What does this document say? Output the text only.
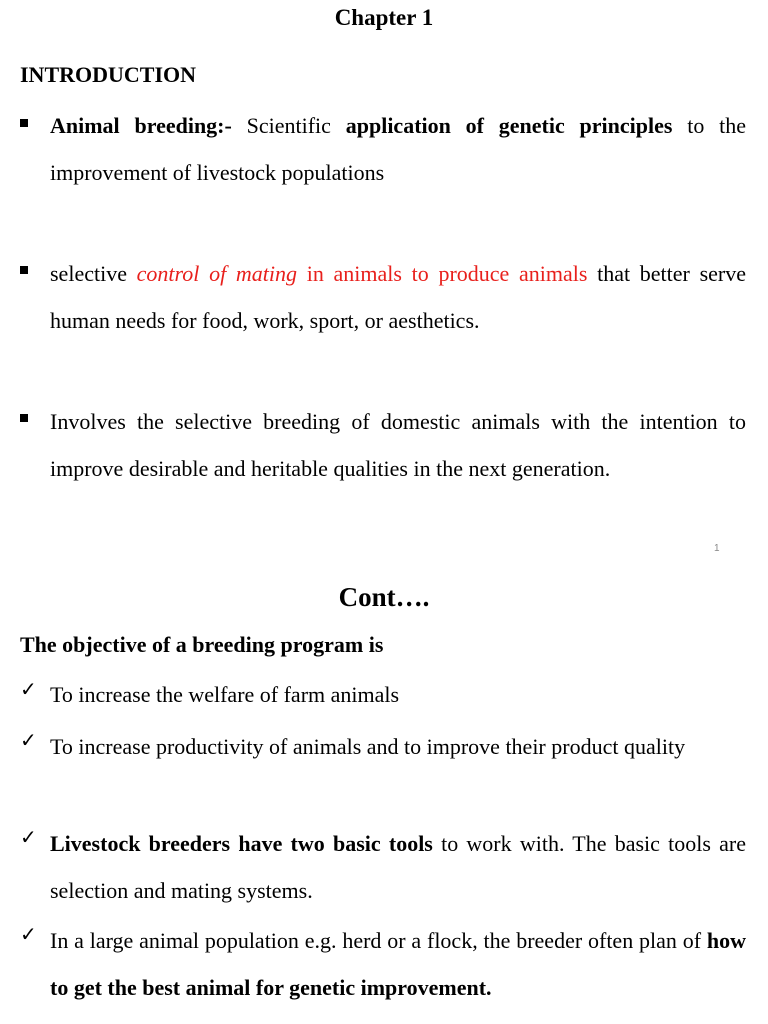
Chapter 1
INTRODUCTION
Animal breeding:- Scientific application of genetic principles to the improvement of livestock populations
selective control of mating in animals to produce animals that better serve human needs for food, work, sport, or aesthetics.
Involves the selective breeding of domestic animals with the intention to improve desirable and heritable qualities in the next generation.
1
Cont….
The objective of a breeding program is
✓ To increase the welfare of farm animals
✓ To increase productivity of animals and to improve their product quality
✓ Livestock breeders have two basic tools to work with. The basic tools are selection and mating systems.
✓ In a large animal population e.g. herd or a flock, the breeder often plan of how to get the best animal for genetic improvement.
